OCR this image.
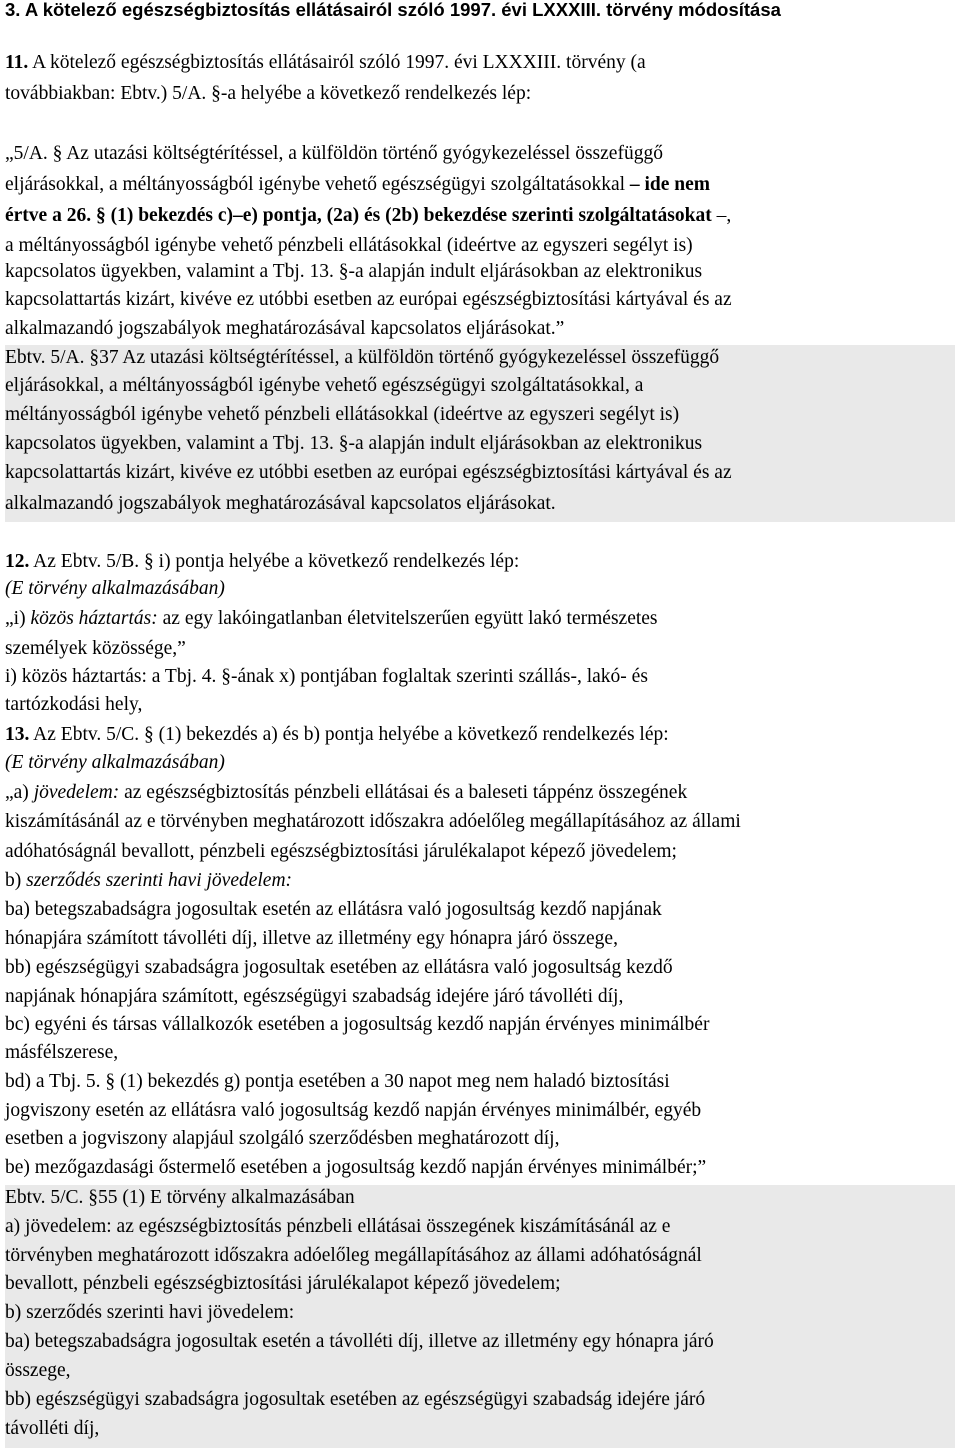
3. A kötelező egészségbiztosítás ellátásairól szóló 1997. évi LXXXIII. törvény módosítása
11. A kötelező egészségbiztosítás ellátásairól szóló 1997. évi LXXXIII. törvény (a
továbbiakban: Ebtv.) 5/A. §-a helyébe a következő rendelkezés lép:
„5/A. § Az utazási költségtérítéssel, a külföldön történő gyógykezeléssel összefüggő
eljárásokkal, a méltányosságból igénybe vehető egészségügyi szolgáltatásokkal – ide nem
értve a 26. § (1) bekezdés c)–e) pontja, (2a) és (2b) bekezdése szerinti szolgáltatásokat –,
a méltányosságból igénybe vehető pénzbeli ellátásokkal (ideértve az egyszeri segélyt is)
kapcsolatos ügyekben, valamint a Tbj. 13. §-a alapján indult eljárásokban az elektronikus
kapcsolattartás kizárt, kivéve ez utóbbi esetben az európai egészségbiztosítási kártyával és az
alkalmazandó jogszabályok meghatározásával kapcsolatos eljárásokat.”
Ebtv. 5/A. §37 Az utazási költségtérítéssel, a külföldön történő gyógykezeléssel összefüggő
eljárásokkal, a méltányosságból igénybe vehető egészségügyi szolgáltatásokkal, a
méltányosságból igénybe vehető pénzbeli ellátásokkal (ideértve az egyszeri segélyt is)
kapcsolatos ügyekben, valamint a Tbj. 13. §-a alapján indult eljárásokban az elektronikus
kapcsolattartás kizárt, kivéve ez utóbbi esetben az európai egészségbiztosítási kártyával és az
alkalmazandó jogszabályok meghatározásával kapcsolatos eljárásokat.
12. Az Ebtv. 5/B. § i) pontja helyébe a következő rendelkezés lép:
(E törvény alkalmazásában)
„i) közös háztartás: az egy lakóingatlanban életvitelszerűen együtt lakó természetes
személyek közössége,”
i) közös háztartás: a Tbj. 4. §-ának x) pontjában foglaltak szerinti szállás-, lakó- és
tartózkodási hely,
13. Az Ebtv. 5/C. § (1) bekezdés a) és b) pontja helyébe a következő rendelkezés lép:
(E törvény alkalmazásában)
„a) jövedelem: az egészségbiztosítás pénzbeli ellátásai és a baleseti táppénz összegének
kiszámításánál az e törvényben meghatározott időszakra adóelőleg megállapításához az állami
adóhatóságnál bevallott, pénzbeli egészségbiztosítási járulékalapot képező jövedelem;
b) szerződés szerinti havi jövedelem:
ba) betegszabadságra jogosultak esetén az ellátásra való jogosultság kezdő napjának
hónapjára számított távolléti díj, illetve az illetmény egy hónapra járó összege,
bb) egészségügyi szabadságra jogosultak esetében az ellátásra való jogosultság kezdő
napjának hónapjára számított, egészségügyi szabadság idejére járó távolléti díj,
bc) egyéni és társas vállalkozók esetében a jogosultság kezdő napján érvényes minimálbér
másfélszerese,
bd) a Tbj. 5. § (1) bekezdés g) pontja esetében a 30 napot meg nem haladó biztosítási
jogviszony esetén az ellátásra való jogosultság kezdő napján érvényes minimálbér, egyéb
esetben a jogviszony alapjául szolgáló szerződésben meghatározott díj,
be) mezőgazdasági őstermelő esetében a jogosultság kezdő napján érvényes minimálbér;”
Ebtv. 5/C. §55 (1) E törvény alkalmazásában
a) jövedelem: az egészségbiztosítás pénzbeli ellátásai összegének kiszámításánál az e
törvényben meghatározott időszakra adóelőleg megállapításához az állami adóhatóságnál
bevallott, pénzbeli egészségbiztosítási járulékalapot képező jövedelem;
b) szerződés szerinti havi jövedelem:
ba) betegszabadságra jogosultak esetén a távolléti díj, illetve az illetmény egy hónapra járó
összege,
bb) egészségügyi szabadságra jogosultak esetében az egészségügyi szabadság idejére járó
távolléti díj,
